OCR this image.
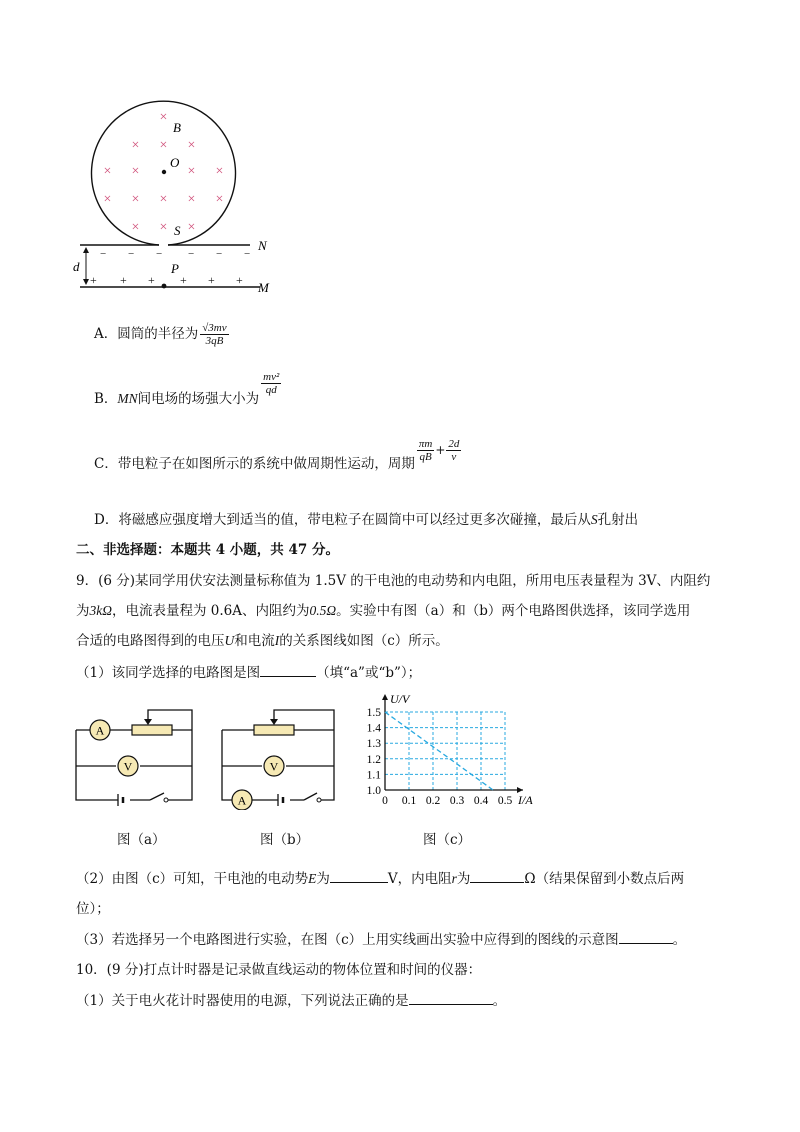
×
× × ×
× ×	× ×
× × × × ×
× × ×
O
B
S
N
− − − − − −
M
+ + + + + +
P
d
A．圆筒的半径为 $\frac{√3mv}{3qB}$
B．MN间电场的场强大小为
$\frac{\text{mv²}}{qd}$
C．带电粒子在如图所示的系统中做周期性运动，周期
$\frac{\pi m}{qB} + \frac{2d}{v}$
D．将磁感应强度增大到适当的值，带电粒子在圆筒中可以经过更多次碰撞，最后从S孔射出
二、非选择题：本题共 4 小题，共 47 分。
9．(6 分)某同学用伏安法测量标称值为 1.5V 的干电池的电动势和内电阻，所用电压表量程为 3V、内阻约
为3kΩ，电流表量程为 0.6A、内阻约为0.5Ω。实验中有图（a）和（b）两个电路图供选择，该同学选用
合适的电路图得到的电压U和电流I的关系图线如图（c）所示。
（1）该同学选择的电路图是图	（填“a”或“b”）；
A
V
图（a）
A
V
图（b）
U/V
I/A
0 0.1 0.2 0.3 0.4 0.5
1.0
1.1
1.2
1.3
1.4
1.5
图（c）
（2）由图（c）可知，干电池的电动势E为	V，内电阻r为	Ω（结果保留到小数点后两
位）；
（3）若选择另一个电路图进行实验，在图（c）上用实线画出实验中应得到的图线的示意图	。
10．(9 分)打点计时器是记录做直线运动的物体位置和时间的仪器：
（1）关于电火花计时器使用的电源，下列说法正确的是	。
